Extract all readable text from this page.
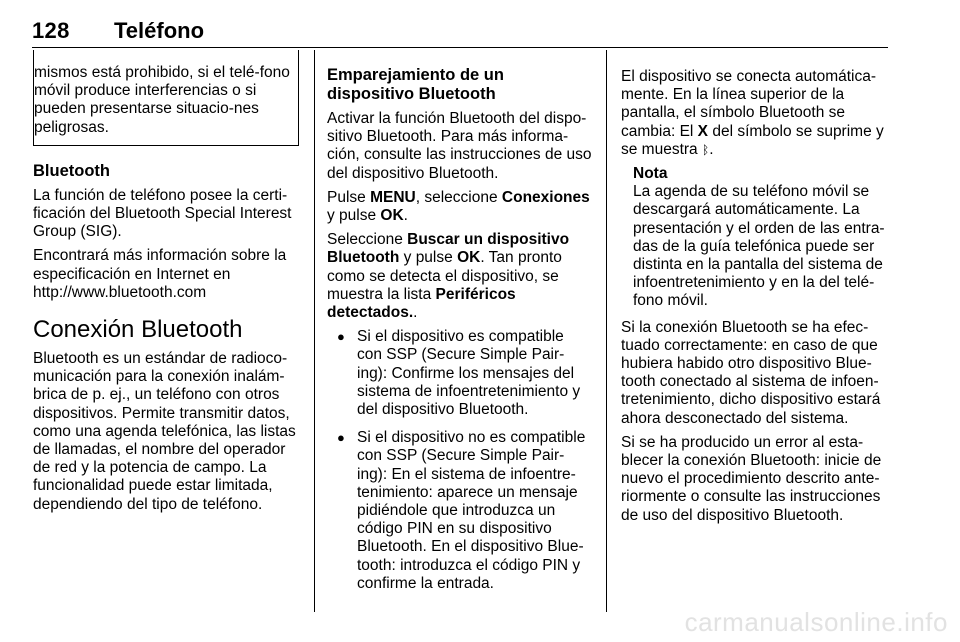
128 Teléfono

mismos está prohibido, si el telé-fono móvil produce interferencias o si pueden presentarse situacio-nes peligrosas.

Bluetooth

La función de teléfono posee la certi-ficación del Bluetooth Special Interest Group (SIG).

Encontrará más información sobre la especificación en Internet en http://www.bluetooth.com

Conexión Bluetooth

Bluetooth es un estándar de radioco-municación para la conexión inalám-brica de p. ej., un teléfono con otros dispositivos. Permite transmitir datos, como una agenda telefónica, las listas de llamadas, el nombre del operador de red y la potencia de campo. La funcionalidad puede estar limitada, dependiendo del tipo de teléfono.

Emparejamiento de un dispositivo Bluetooth

Activar la función Bluetooth del dispo-sitivo Bluetooth. Para más informa-ción, consulte las instrucciones de uso del dispositivo Bluetooth.

Pulse MENU, seleccione Conexiones y pulse OK.

Seleccione Buscar un dispositivo Bluetooth y pulse OK. Tan pronto como se detecta el dispositivo, se muestra la lista Periféricos detectados..

● Si el dispositivo es compatible con SSP (Secure Simple Pair-ing): Confirme los mensajes del sistema de infoentretenimiento y del dispositivo Bluetooth.
● Si el dispositivo no es compatible con SSP (Secure Simple Pair-ing): En el sistema de infoentre-tenimiento: aparece un mensaje pidiéndole que introduzca un código PIN en su dispositivo Bluetooth. En el dispositivo Blue-tooth: introduzca el código PIN y confirme la entrada.

El dispositivo se conecta automática-mente. En la línea superior de la pantalla, el símbolo Bluetooth se cambia: El X del símbolo se suprime y se muestra ᛒ.

Nota
La agenda de su teléfono móvil se descargará automáticamente. La presentación y el orden de las entra-das de la guía telefónica puede ser distinta en la pantalla del sistema de infoentretenimiento y en la del telé-fono móvil.

Si la conexión Bluetooth se ha efec-tuado correctamente: en caso de que hubiera habido otro dispositivo Blue-tooth conectado al sistema de infoen-tretenimiento, dicho dispositivo estará ahora desconectado del sistema.

Si se ha producido un error al esta-blecer la conexión Bluetooth: inicie de nuevo el procedimiento descrito ante-riormente o consulte las instrucciones de uso del dispositivo Bluetooth.

carmanualsonline.info
